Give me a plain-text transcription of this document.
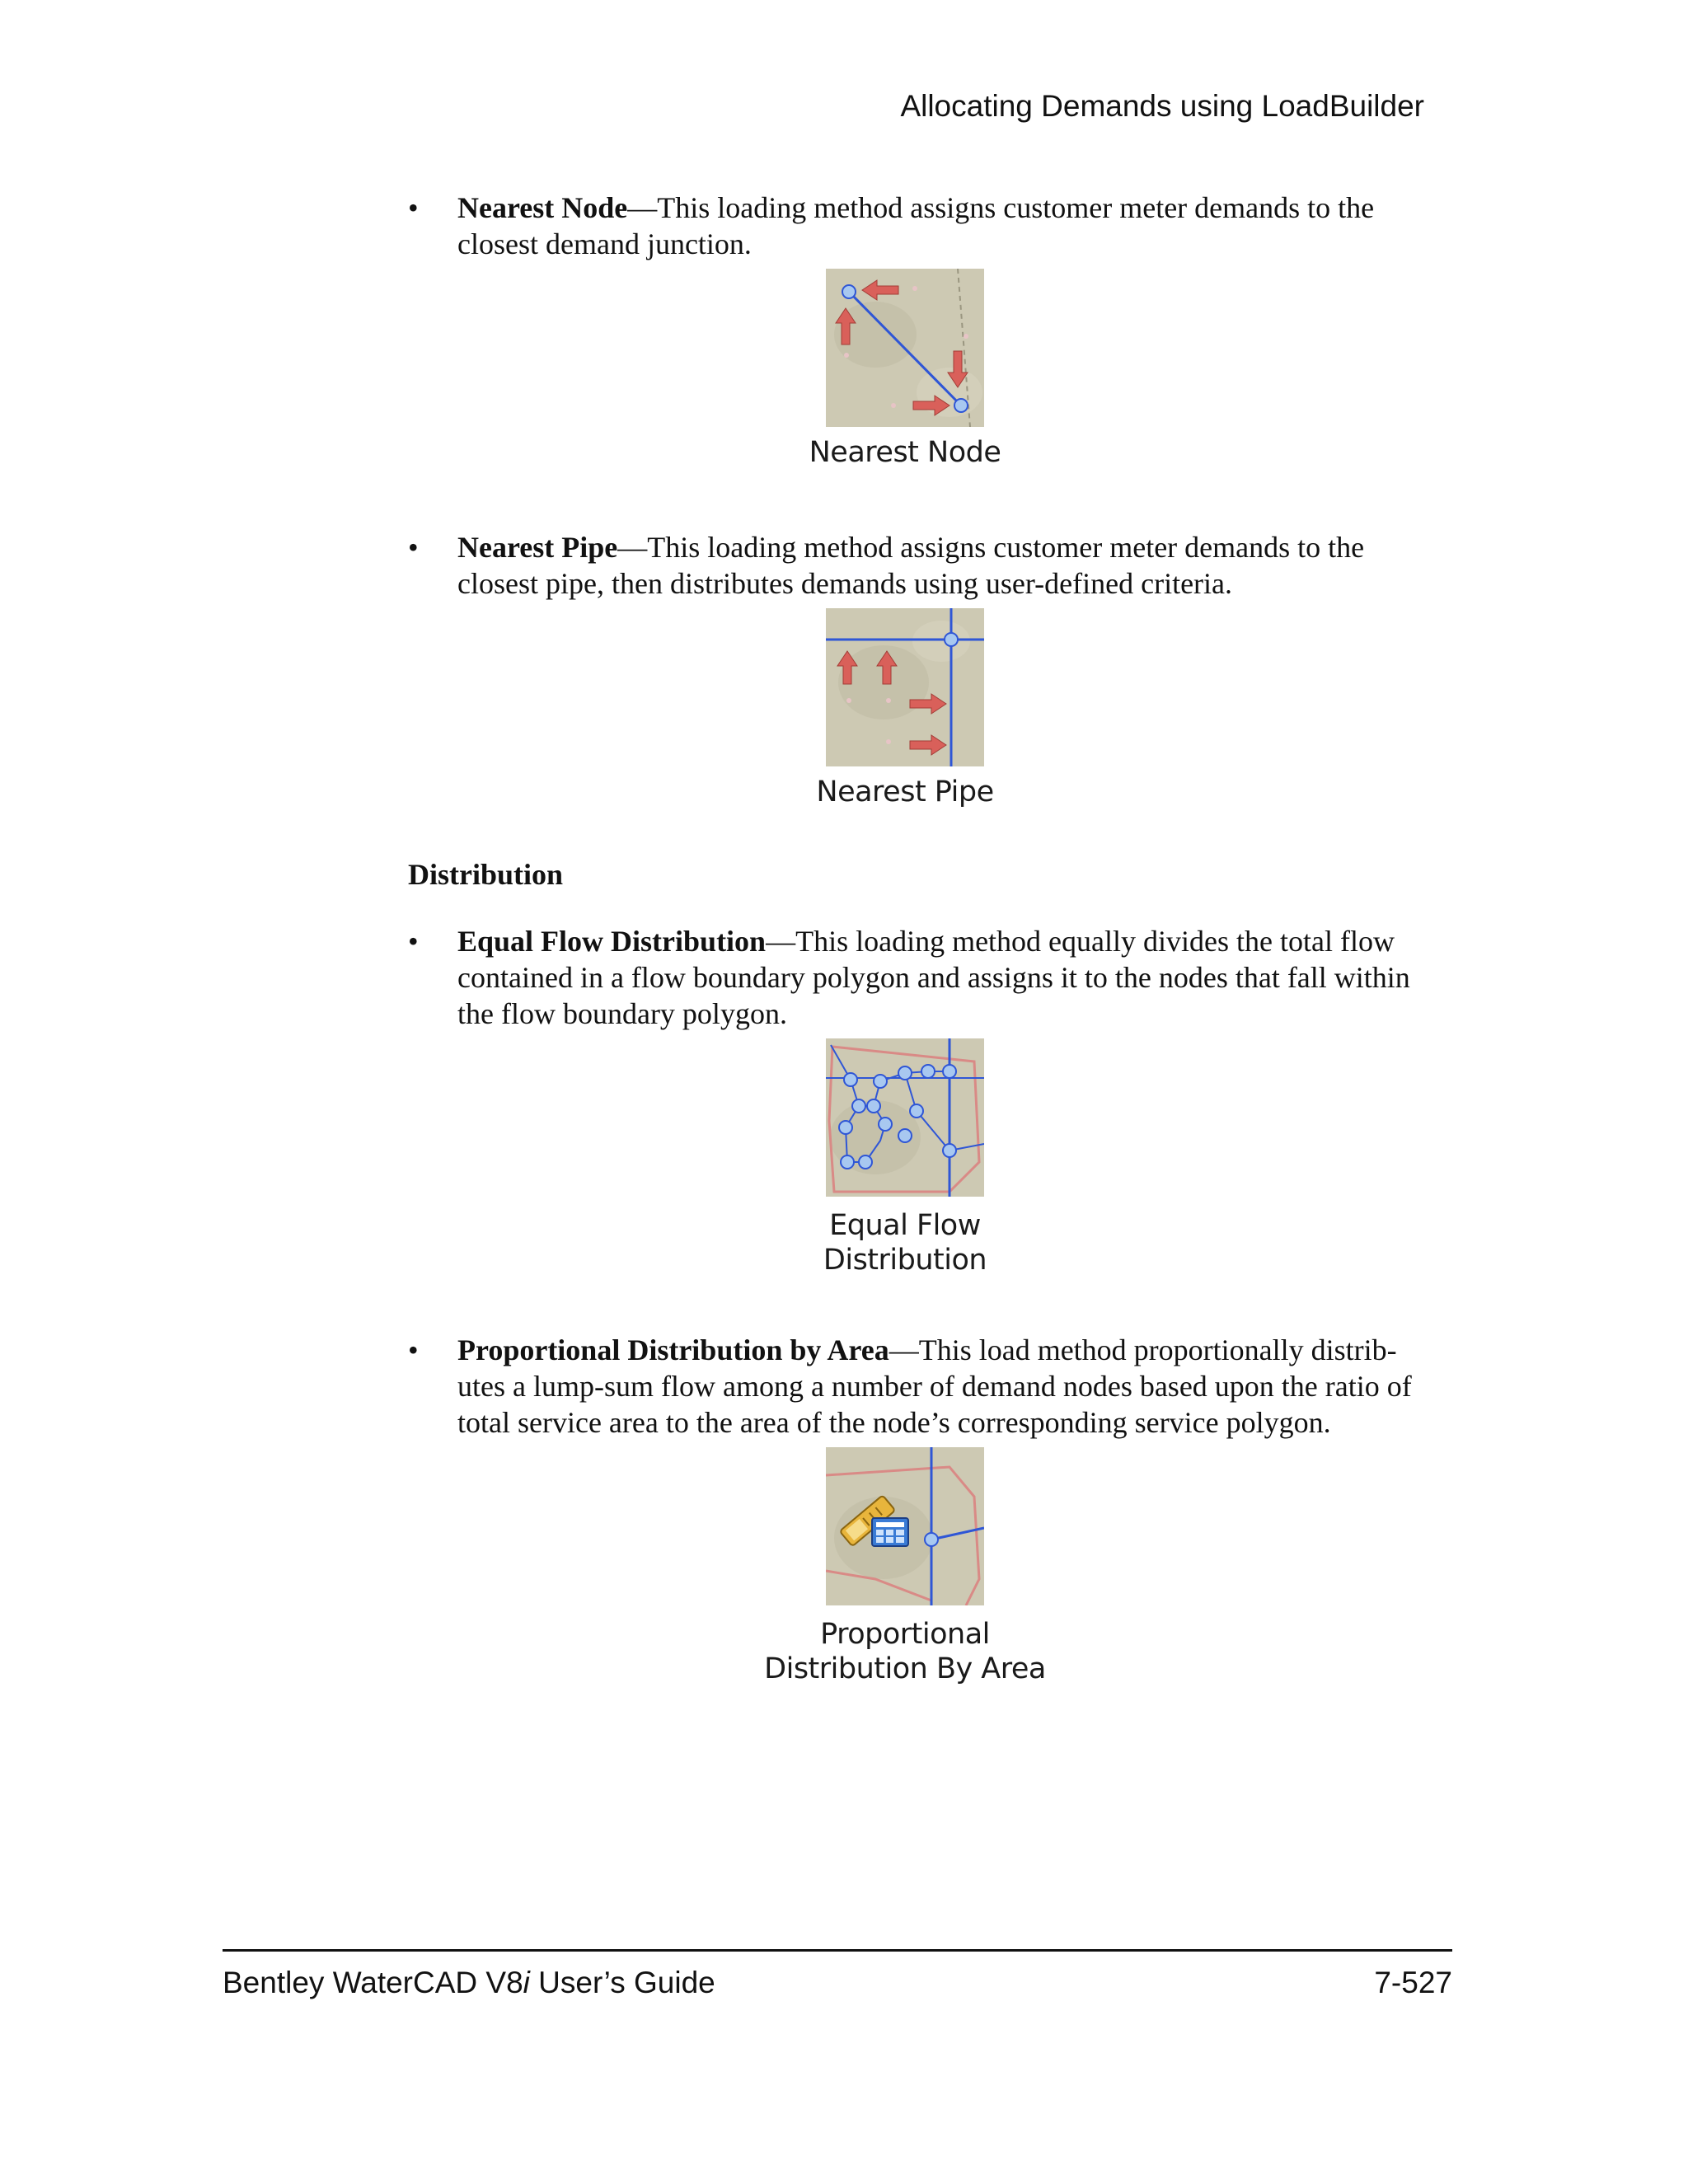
Allocating Demands using LoadBuilder
• Nearest Node—This loading method assigns customer meter demands to the closest demand junction.
Nearest Node
• Nearest Pipe—This loading method assigns customer meter demands to the closest pipe, then distributes demands using user-defined criteria.
Nearest Pipe
Distribution
• Equal Flow Distribution—This loading method equally divides the total flow contained in a flow boundary polygon and assigns it to the nodes that fall within the flow boundary polygon.
Equal Flow
Distribution
• Proportional Distribution by Area—This load method proportionally distrib- utes a lump-sum flow among a number of demand nodes based upon the ratio of total service area to the area of the node’s corresponding service polygon.
Proportional
Distribution By Area
Bentley WaterCAD V8i User’s Guide	7-527
